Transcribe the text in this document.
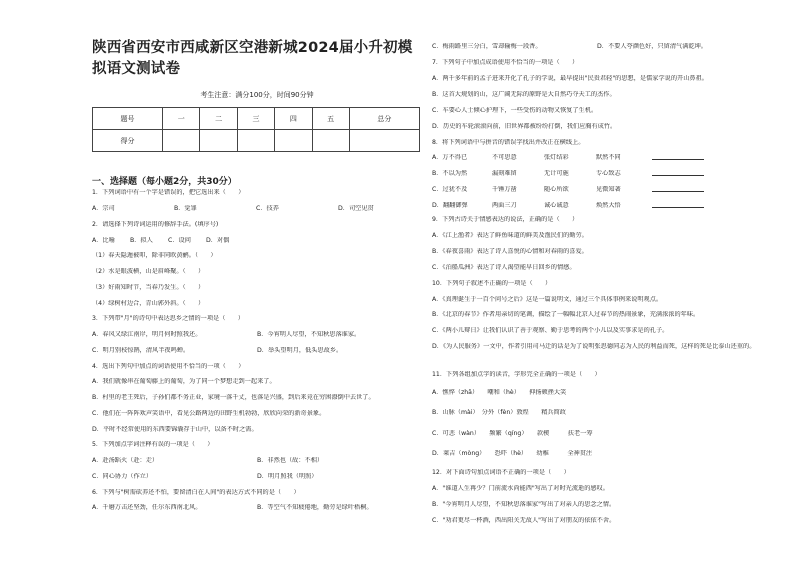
陕西省西安市西咸新区空港新城2024届小升初模拟语文测试卷
考生注意：满分100分，时间90分钟
题号	一	二	三	四	五	总分
得分						
一、选择题（每小题2分，共30分）
1．下列词语中有一个字是错误的，把它选出来（　　）
A．宗司	B．觉罪	C．技养	D．司空见贯
2．请选择下列诗词运用的修辞手法。(填序号)
A．比喻	B．拟人	C．设问	D．对偶
（1）春天隐遁被叩，除非同欧黄鹂。（　　）
（2）水是眼波横，山是眉峰聚。（　　）
（3）好雨知时节，当春乃发生。（　　）
（4）绿树村边合，青山郭外斜。（　　）
3．下列带"月"的诗句中表达思乡之情的一项是（　　）
A．春风又绿江南岸，明月何时照我还。	B．今宵明人尽望，不知秋思落谁家。
C．明月别枝惊鹊，清风半夜鸣蝉。	D．举头望明月，低头思故乡。
4．选出下列句中加点的词语使用不恰当的一项（　　）
A．我们就像串在葡萄藤上的葡萄，为了同一个梦想走到一起来了。
B．村里的老王死后，子孙们都不务正业，家境一落千丈，也落是兴盛，到后来竟在穷困潦倒中去世了。
C．他们在一阵阵欢声笑语中，看见公路两边的田野生机勃勃，欣欣向荣的新奇景象。
D．平时不经常使用的东西要锦囊存于山中，以备不时之需。
5．下列加点字词注释有误的一项是（　　）
A．赴汤蹈火（赴：走）	B．非然也（故：不相）
C．同心协力（作立）	D．明月照我（明照）
6．下列与"树需砍养还不怕，要留清白在人间"的表达方式不同的是（　　）
A．千磨万击还坚劲，任尔东西南北风。	B．等空气不知疲倦地，勤劳是绿叶梧桐。
C．梅雨路里三分白，雪却输梅一段香。	D．不要人夸颜色好，只留清气满乾坤。
7．下列句子中加点成语使用不恰当的一项是（　　）
A．两千多年前的孟子进来开化了孔子的学说，最早提出"民贵君轻"的思想，是儒家学说的开山鼻祖。
B．这首大规划的山，这广阔无际的原野是大自然巧夺天工的杰作。
C．车要心人士倾心护理下，一些受伤的动物又恢复了生机。
D．历史的车轮滚滚向前，旧世界都被纷纷打倒，我们应胸有成竹。
8．将下列词语中与拼音的错误字找出并改正在横线上。
A．万不得已	不可思意	张灯结彩	默然不同
B．不以为然	漏刻难留	无计可施	专心致志
C．过犹不及	千锤万凿	随心所欲	见微知著
D．翻翻御弹	两面三刀	诚心诚意	焕然大悟
9．下列古诗关于情感表达的说法，正确的是（　　）
A．《江上渔者》表达了鲜鱼味道的鲜美及渔民们的勤劳。
B．《春夜喜雨》表达了诗人喜悦的心情和对春雨的喜爱。
C．《泊船瓜洲》表达了诗人渴望能早日回乡的情感。
10．下列句子叙述不正确的一项是（　　）
A．《真理诞生于一百个问号之后》这是一篇说明文，通过三个具体事例来说明观点。
B．《北京的春节》作者用亲切的笔调，描绘了一幅幅北京人过春节的热闹景象，充满浓浓的年味。
C．《两小儿辩日》让我们认识了善于观察、勤于思考的两个小儿以及实事求是的孔子。
D．《为人民服务》一文中，作者引用司马迁的话是为了说明张思德同志为人民的利益而死，这样的死是比泰山还重的。
11．下列各组加点字的读音，字形完全正确的一项是（　　）
A．憔悴（zhā）　　嘲和（hè）　　抑扬顿挫大笑
B．山脉（mài）　分外（fèn）敦煌　　精兵简政
C．可悲（wàn）　　频繁（qíng）　　款楔　　　扶老一筹
D．莱吉（mòng）　　恐吓（hè）　　幼稚　　　全神贯注
12．对下面诗句加点词语不正确的一项是（　　）
A．"谁道人生再少？门前流水尚能西"写出了对时光流逝的感叹。
B．"今宵明月人尽望，不知秋思落谁家"写出了对亲人的思念之情。
C．"劝君更尽一杯酒，西出阳关无故人"写出了对朋友的依依不舍。
